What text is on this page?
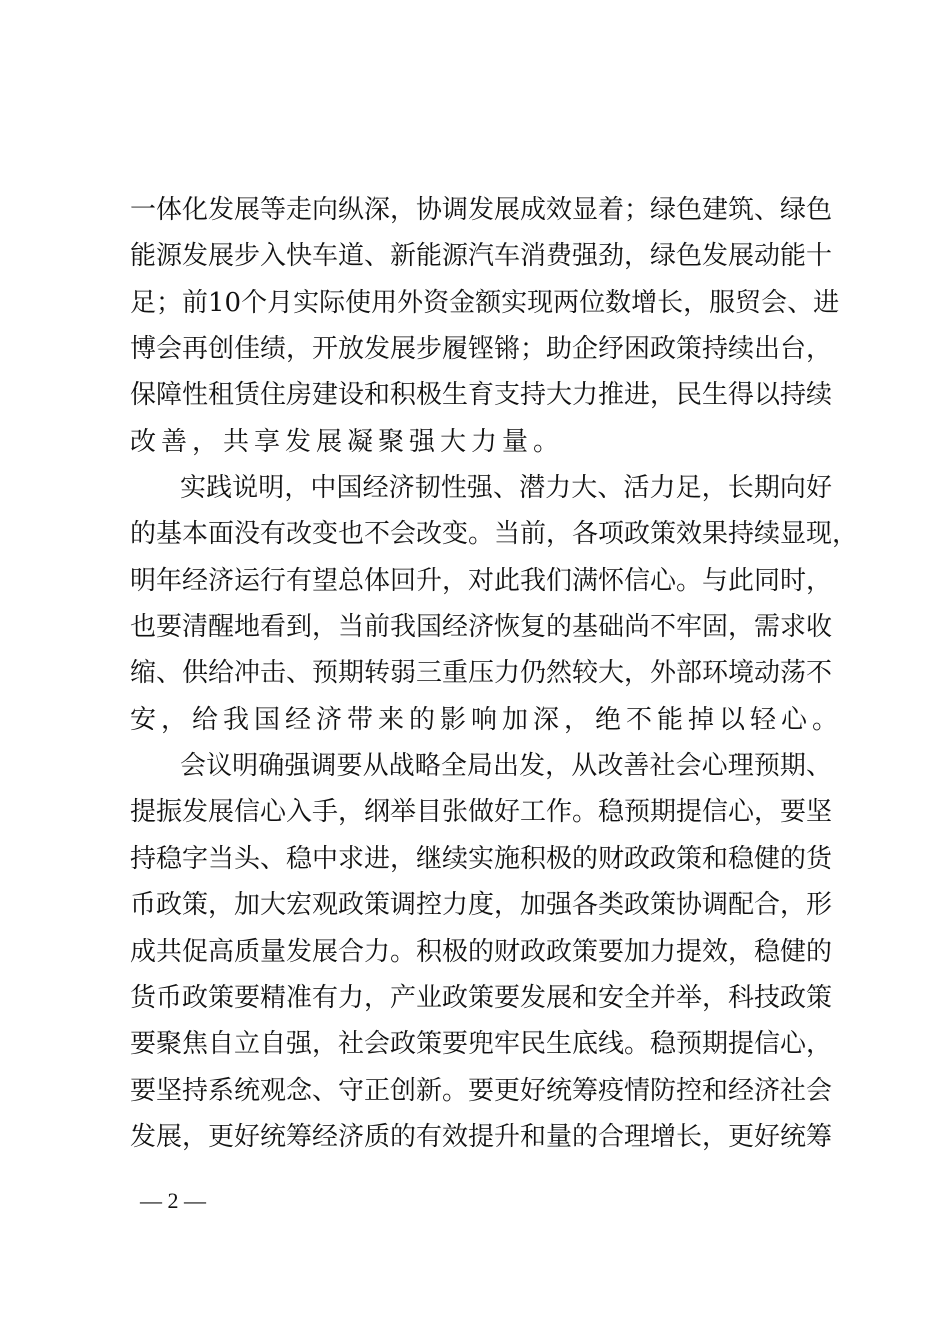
一体化发展等走向纵深，协调发展成效显着；绿色建筑、绿色
能源发展步入快车道、新能源汽车消费强劲，绿色发展动能十
足；前10个月实际使用外资金额实现两位数增长，服贸会、进
博会再创佳绩，开放发展步履铿锵；助企纾困政策持续出台，
保障性租赁住房建设和积极生育支持大力推进，民生得以持续
改善，共享发展凝聚强大力量。
实践说明，中国经济韧性强、潜力大、活力足，长期向好
的基本面没有改变也不会改变。当前，各项政策效果持续显现，
明年经济运行有望总体回升，对此我们满怀信心。与此同时，
也要清醒地看到，当前我国经济恢复的基础尚不牢固，需求收
缩、供给冲击、预期转弱三重压力仍然较大，外部环境动荡不
安，给我国经济带来的影响加深，绝不能掉以轻心。
会议明确强调要从战略全局出发，从改善社会心理预期、
提振发展信心入手，纲举目张做好工作。稳预期提信心，要坚
持稳字当头、稳中求进，继续实施积极的财政政策和稳健的货
币政策，加大宏观政策调控力度，加强各类政策协调配合，形
成共促高质量发展合力。积极的财政政策要加力提效，稳健的
货币政策要精准有力，产业政策要发展和安全并举，科技政策
要聚焦自立自强，社会政策要兜牢民生底线。稳预期提信心，
要坚持系统观念、守正创新。要更好统筹疫情防控和经济社会
发展，更好统筹经济质的有效提升和量的合理增长，更好统筹
— 2 —
